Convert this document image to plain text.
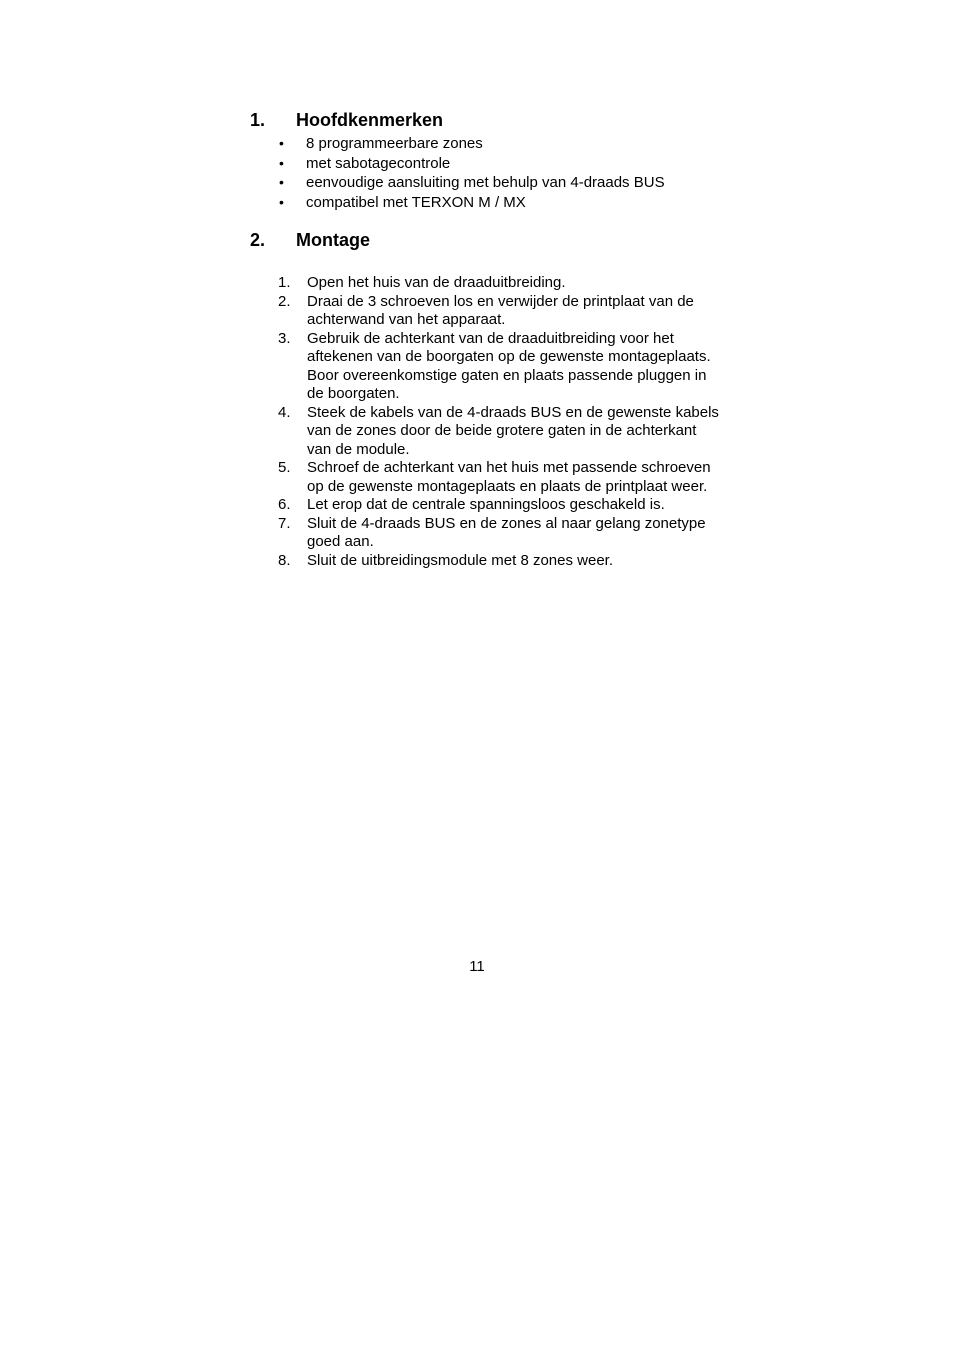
1.	Hoofdkenmerken
•	8 programmeerbare zones
•	met sabotagecontrole
•	eenvoudige aansluiting met behulp van 4-draads BUS
•	compatibel met TERXON M / MX
2.	Montage
1.	Open het huis van de draaduitbreiding.
2.	Draai de 3 schroeven los en verwijder de printplaat van de achterwand van het apparaat.
3.	Gebruik de achterkant van de draaduitbreiding voor het aftekenen van de boorgaten op de gewenste montageplaats. Boor overeenkomstige gaten en plaats passende pluggen in de boorgaten.
4.	Steek de kabels van de 4-draads BUS en de gewenste kabels van de zones door de beide grotere gaten in de achterkant van de module.
5.	Schroef de achterkant van het huis met passende schroeven op de gewenste montageplaats en plaats de printplaat weer.
6.	Let erop dat de centrale spanningsloos geschakeld is.
7.	Sluit de 4-draads BUS en de zones al naar gelang zonetype goed aan.
8.	Sluit de uitbreidingsmodule met 8 zones weer.
11
